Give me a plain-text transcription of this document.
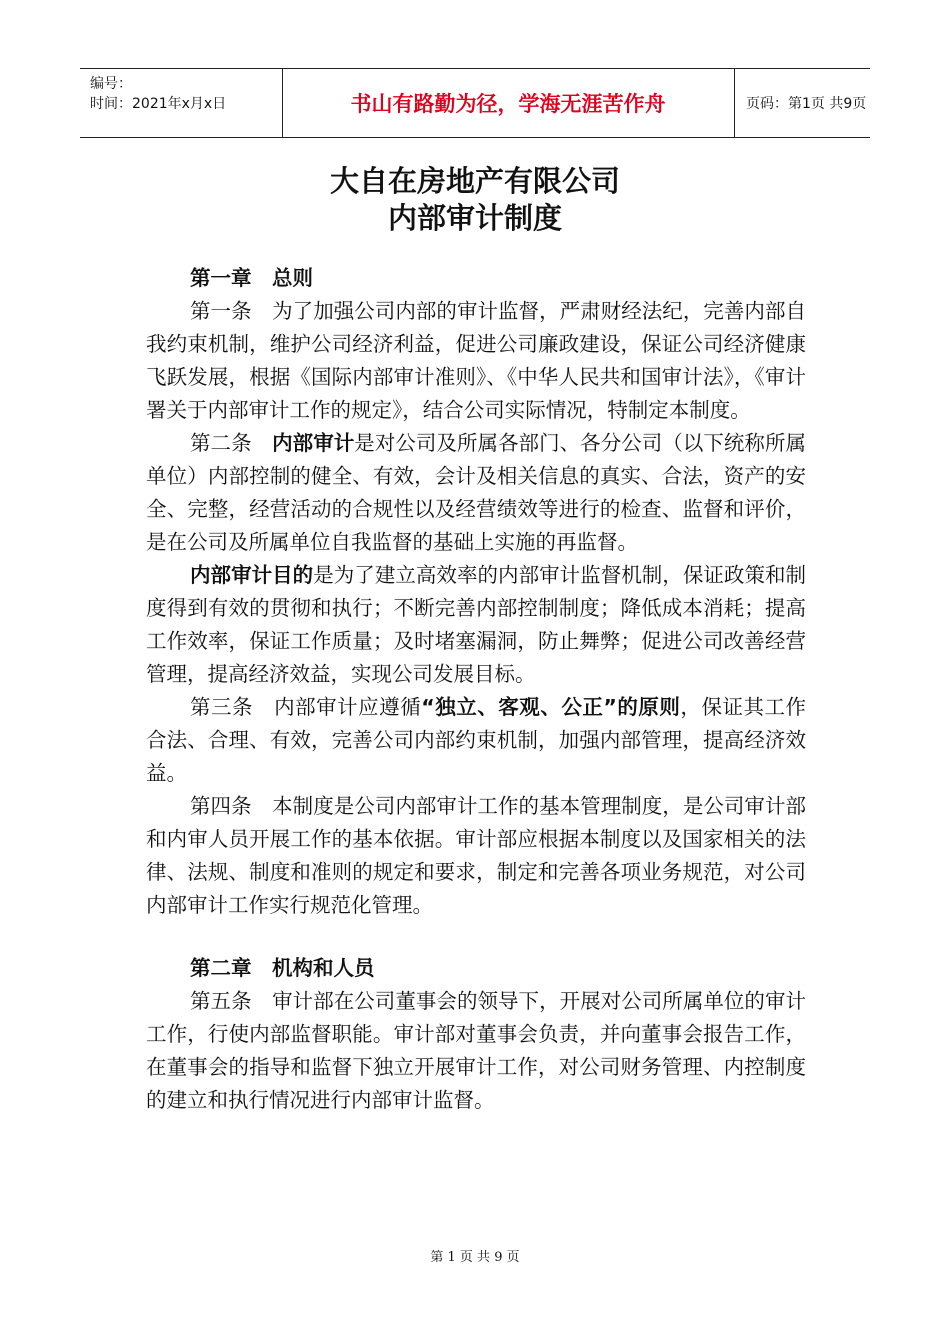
编号：
时间：2021年x月x日	书山有路勤为径，学海无涯苦作舟	页码：第1页 共9页
大自在房地产有限公司
内部审计制度

第一章　总则

第一条　为了加强公司内部的审计监督，严肃财经法纪，完善内部自我约束机制，维护公司经济利益，促进公司廉政建设，保证公司经济健康飞跃发展，根据《国际内部审计准则》、《中华人民共和国审计法》，《审计署关于内部审计工作的规定》，结合公司实际情况，特制定本制度。

第二条　内部审计是对公司及所属各部门、各分公司（以下统称所属单位）内部控制的健全、有效，会计及相关信息的真实、合法，资产的安全、完整，经营活动的合规性以及经营绩效等进行的检查、监督和评价，是在公司及所属单位自我监督的基础上实施的再监督。

内部审计目的是为了建立高效率的内部审计监督机制，保证政策和制度得到有效的贯彻和执行；不断完善内部控制制度；降低成本消耗；提高工作效率，保证工作质量；及时堵塞漏洞，防止舞弊；促进公司改善经营管理，提高经济效益，实现公司发展目标。

第三条　内部审计应遵循“独立、客观、公正”的原则，保证其工作合法、合理、有效，完善公司内部约束机制，加强内部管理，提高经济效益。

第四条　本制度是公司内部审计工作的基本管理制度，是公司审计部和内审人员开展工作的基本依据。审计部应根据本制度以及国家相关的法律、法规、制度和准则的规定和要求，制定和完善各项业务规范，对公司内部审计工作实行规范化管理。

第二章　机构和人员

第五条　审计部在公司董事会的领导下，开展对公司所属单位的审计工作，行使内部监督职能。审计部对董事会负责，并向董事会报告工作，在董事会的指导和监督下独立开展审计工作，对公司财务管理、内控制度的建立和执行情况进行内部审计监督。

第 1 页 共 9 页
